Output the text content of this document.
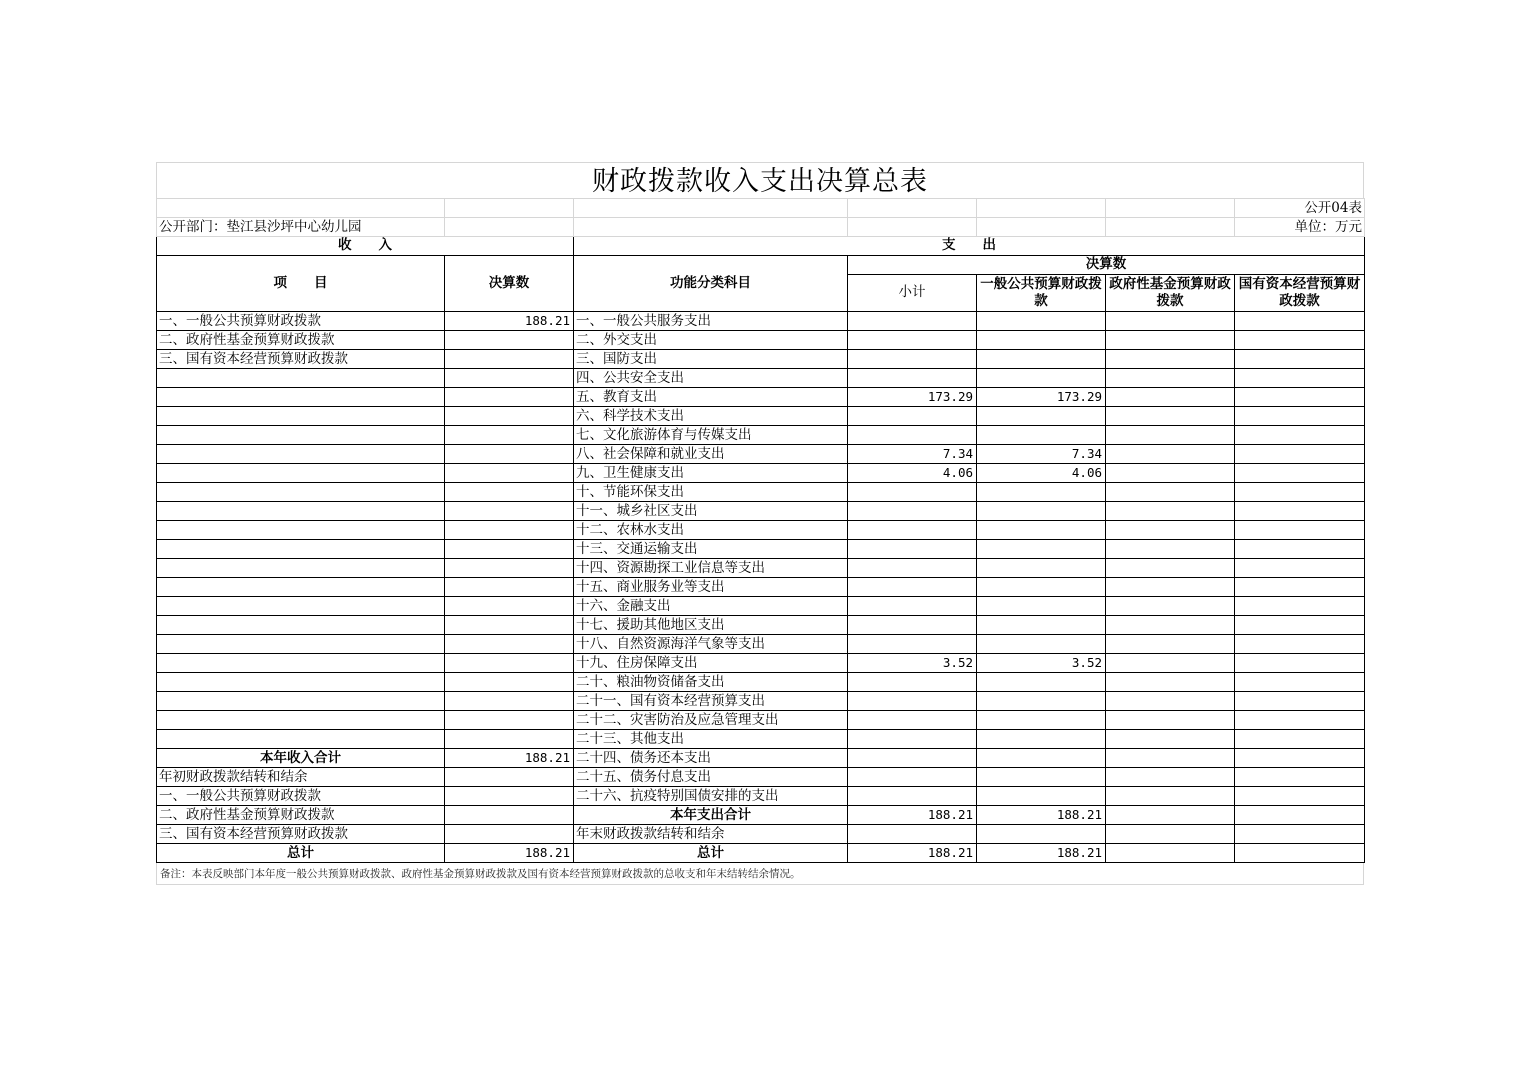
财政拨款收入支出决算总表
						公开04表
公开部门：垫江县沙坪中心幼儿园						单位：万元
收　　入		支　　出				
项　　目	决算数	功能分类科目	决算数			
			小计	一般公共预算财政拨款	政府性基金预算财政拨款	国有资本经营预算财政拨款
一、一般公共预算财政拨款	188.21	一、一般公共服务支出				
二、政府性基金预算财政拨款		二、外交支出				
三、国有资本经营预算财政拨款		三、国防支出				
		四、公共安全支出				
		五、教育支出	173.29	173.29		
		六、科学技术支出				
		七、文化旅游体育与传媒支出				
		八、社会保障和就业支出	7.34	7.34		
		九、卫生健康支出	4.06	4.06		
		十、节能环保支出				
		十一、城乡社区支出				
		十二、农林水支出				
		十三、交通运输支出				
		十四、资源勘探工业信息等支出				
		十五、商业服务业等支出				
		十六、金融支出				
		十七、援助其他地区支出				
		十八、自然资源海洋气象等支出				
		十九、住房保障支出	3.52	3.52		
		二十、粮油物资储备支出				
		二十一、国有资本经营预算支出				
		二十二、灾害防治及应急管理支出				
		二十三、其他支出				
本年收入合计	188.21	二十四、债务还本支出				
年初财政拨款结转和结余		二十五、债务付息支出				
一、一般公共预算财政拨款		二十六、抗疫特别国债安排的支出				
二、政府性基金预算财政拨款		本年支出合计	188.21	188.21		
三、国有资本经营预算财政拨款		年末财政拨款结转和结余				
总计	188.21	总计	188.21	188.21		
备注：本表反映部门本年度一般公共预算财政拨款、政府性基金预算财政拨款及国有资本经营预算财政拨款的总收支和年末结转结余情况。
